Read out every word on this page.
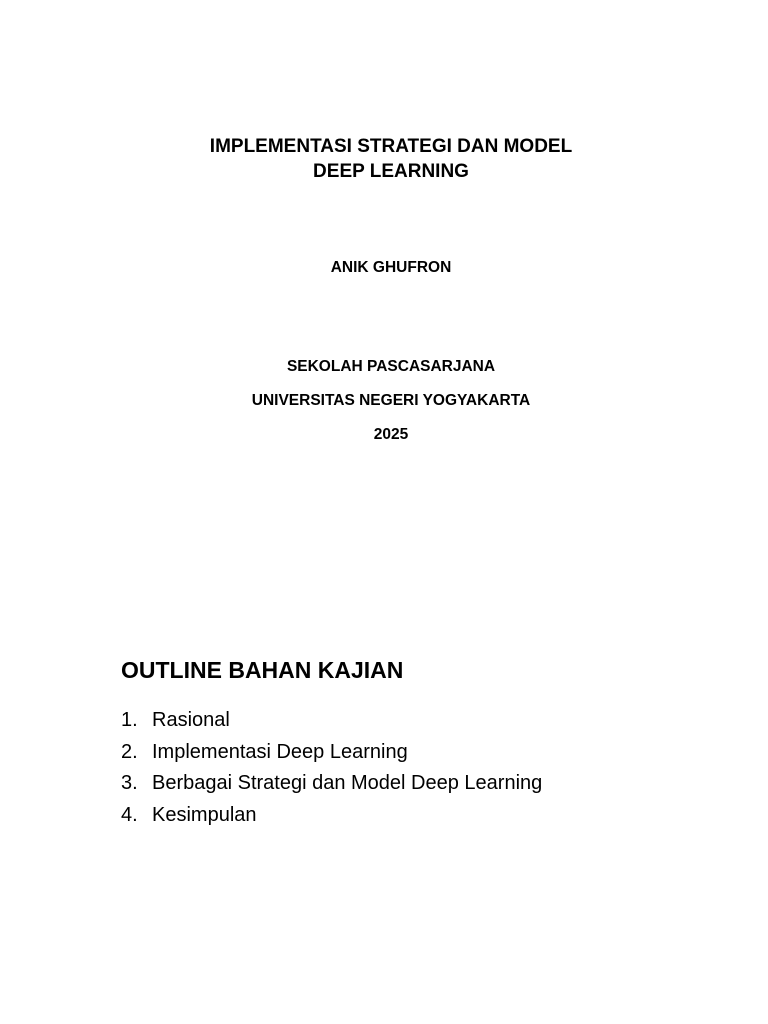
IMPLEMENTASI STRATEGI DAN MODEL
DEEP LEARNING
ANIK GHUFRON
SEKOLAH PASCASARJANA
UNIVERSITAS NEGERI YOGYAKARTA
2025
OUTLINE BAHAN KAJIAN
1. Rasional
2. Implementasi Deep Learning
3. Berbagai Strategi dan Model Deep Learning
4. Kesimpulan
